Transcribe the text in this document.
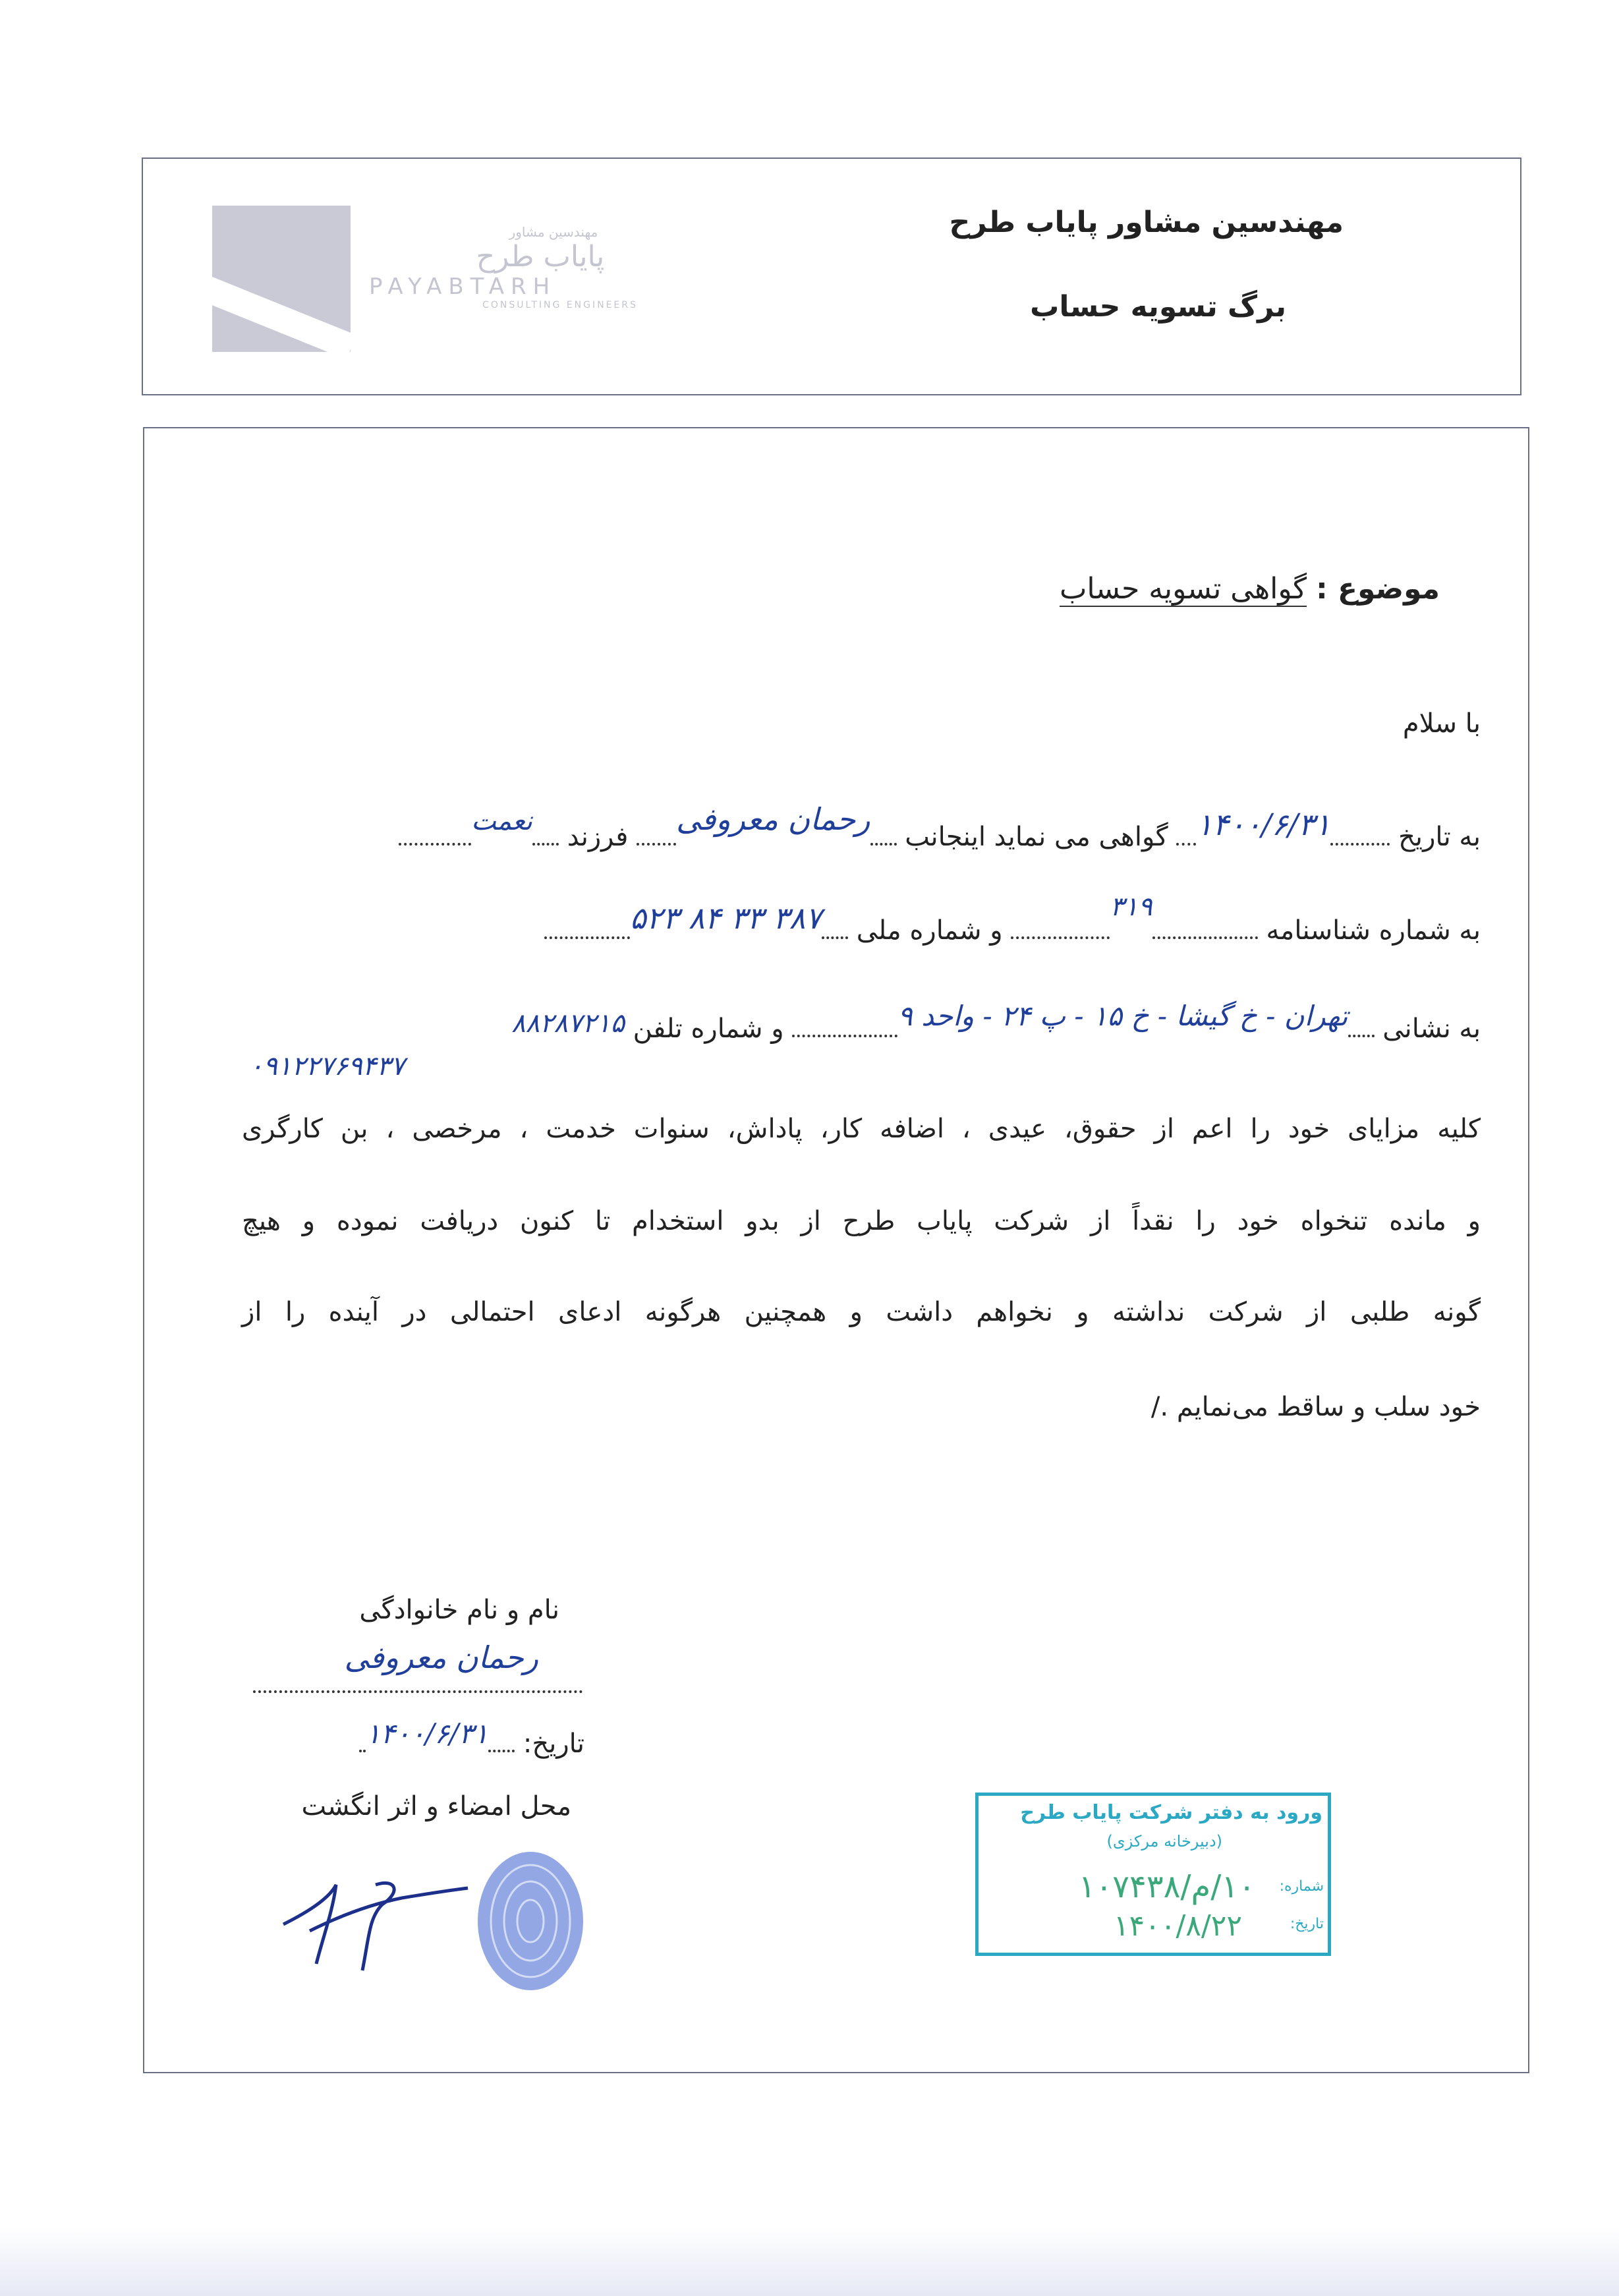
مهندسین مشاور
پایاب طرح
PAYABTARH
CONSULTING ENGINEERS
مهندسین مشاور پایاب طرح
برگ تسویه حساب
موضوع : گواهی تسویه حساب
با سلام
به تاریخ ۱۴۰۰/۶/۳۱ گواهی می نماید اینجانب رحمان معروفی فرزند نعمت
به شماره شناسنامه ۳۱۹ و شماره ملی ۳۸۷ ۳۳ ۸۴ ۵۲۳
به نشانی تهران - خ گیشا - خ ۱۵ - پ ۲۴ - واحد ۹ و شماره تلفن ۸۸۲۸۷۲۱۵
۰۹۱۲۲۷۶۹۴۳۷
کلیه مزایای خود را اعم از حقوق، عیدی ، اضافه کار، پاداش، سنوات خدمت ، مرخصی ، بن کارگری
و مانده تنخواه خود را نقداً از شرکت پایاب طرح از بدو استخدام تا کنون دریافت نموده و هیچ
گونه طلبی از شرکت نداشته و نخواهم داشت و همچنین هرگونه ادعای احتمالی در آینده را از
خود سلب و ساقط می‌نمایم ./
نام و نام خانوادگی
رحمان معروفی
تاریخ: ۱۴۰۰/۶/۳۱
محل امضاء و اثر انگشت	ورود به دفتر شرکت پایاب طرح
(دبیرخانه مرکزی)
شماره:
۱۰/م/۱۰۷۴۳۸
تاریخ:
۱۴۰۰/۸/۲۲
